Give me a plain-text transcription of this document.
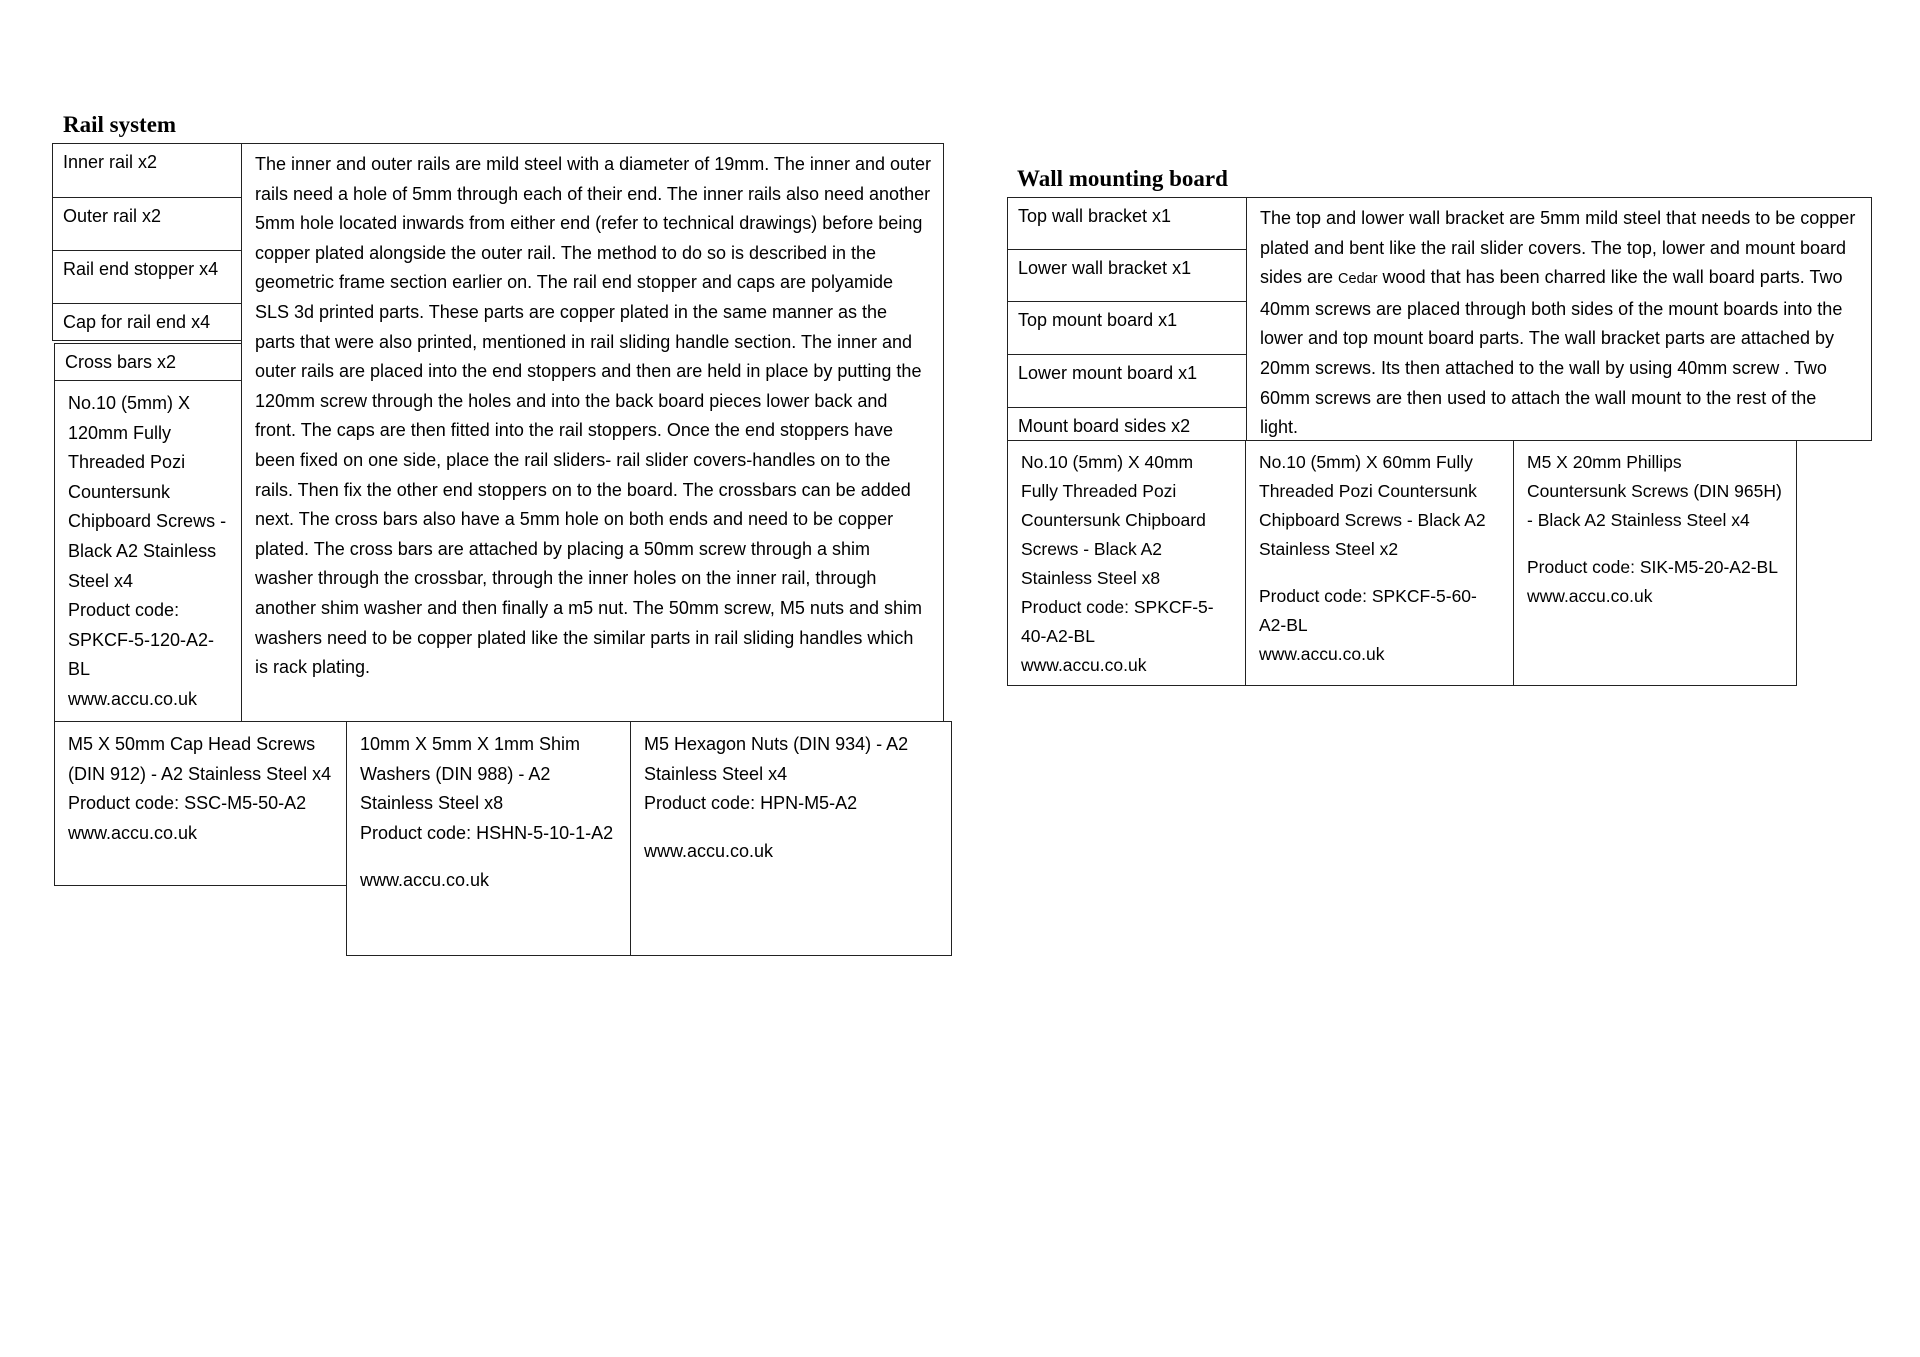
Rail system
Inner rail x2
Outer rail x2
Rail end stopper x4
Cap for rail end x4
Cross bars x2
No.10 (5mm) X 120mm Fully Threaded Pozi Countersunk Chipboard Screws - Black A2 Stainless Steel x4
Product code: SPKCF-5-120-A2-BL
www.accu.co.uk
The inner and outer rails are mild steel with a diameter of 19mm. The inner and outer rails need a hole of 5mm through each of their end. The inner rails also need another 5mm hole located inwards from either end (refer to technical drawings) before being copper plated alongside the outer rail. The method to do so is described in the geometric frame section earlier on. The rail end stopper and caps are polyamide SLS 3d printed parts. These parts are copper plated in the same manner as the parts that were also printed, mentioned in rail sliding handle section. The inner and outer rails are placed into the end stoppers and then are held in place by putting the 120mm screw through the holes and into the back board pieces lower back and front. The caps are then fitted into the rail stoppers. Once the end stoppers have been fixed on one side, place the rail sliders- rail slider covers-handles on to the rails. Then fix the other end stoppers on to the board. The crossbars can be added next. The cross bars also have a 5mm hole on both ends and need to be copper plated. The cross bars are attached by placing a 50mm screw through a shim washer through the crossbar, through the inner holes on the inner rail, through another shim washer and then finally a m5 nut. The 50mm screw, M5 nuts and shim washers need to be copper plated like the similar parts in rail sliding handles which is rack plating.
M5 X 50mm Cap Head Screws (DIN 912) - A2 Stainless Steel x4
Product code: SSC-M5-50-A2
www.accu.co.uk
10mm X 5mm X 1mm Shim Washers (DIN 988) - A2 Stainless Steel x8
Product code: HSHN-5-10-1-A2
www.accu.co.uk
M5 Hexagon Nuts (DIN 934) - A2 Stainless Steel x4
Product code: HPN-M5-A2
www.accu.co.uk
Wall mounting board
Top wall bracket x1
Lower wall bracket x1
Top mount board x1
Lower mount board x1
Mount board sides x2
The top and lower wall bracket are 5mm mild steel that needs to be copper plated and bent like the rail slider covers. The top, lower and mount board sides are Cedar wood that has been charred like the wall board parts. Two 40mm screws are placed through both sides of the mount boards into the lower and top mount board parts. The wall bracket parts are attached by 20mm screws. Its then attached to the wall by using 40mm screw . Two 60mm screws are then used to attach the wall mount to the rest of the light.
No.10 (5mm) X 40mm Fully Threaded Pozi Countersunk Chipboard Screws - Black A2 Stainless Steel x8
Product code: SPKCF-5-40-A2-BL
www.accu.co.uk
No.10 (5mm) X 60mm Fully Threaded Pozi Countersunk Chipboard Screws - Black A2 Stainless Steel x2
Product code: SPKCF-5-60-A2-BL
www.accu.co.uk
M5 X 20mm Phillips Countersunk Screws (DIN 965H) - Black A2 Stainless Steel x4
Product code: SIK-M5-20-A2-BL
www.accu.co.uk
